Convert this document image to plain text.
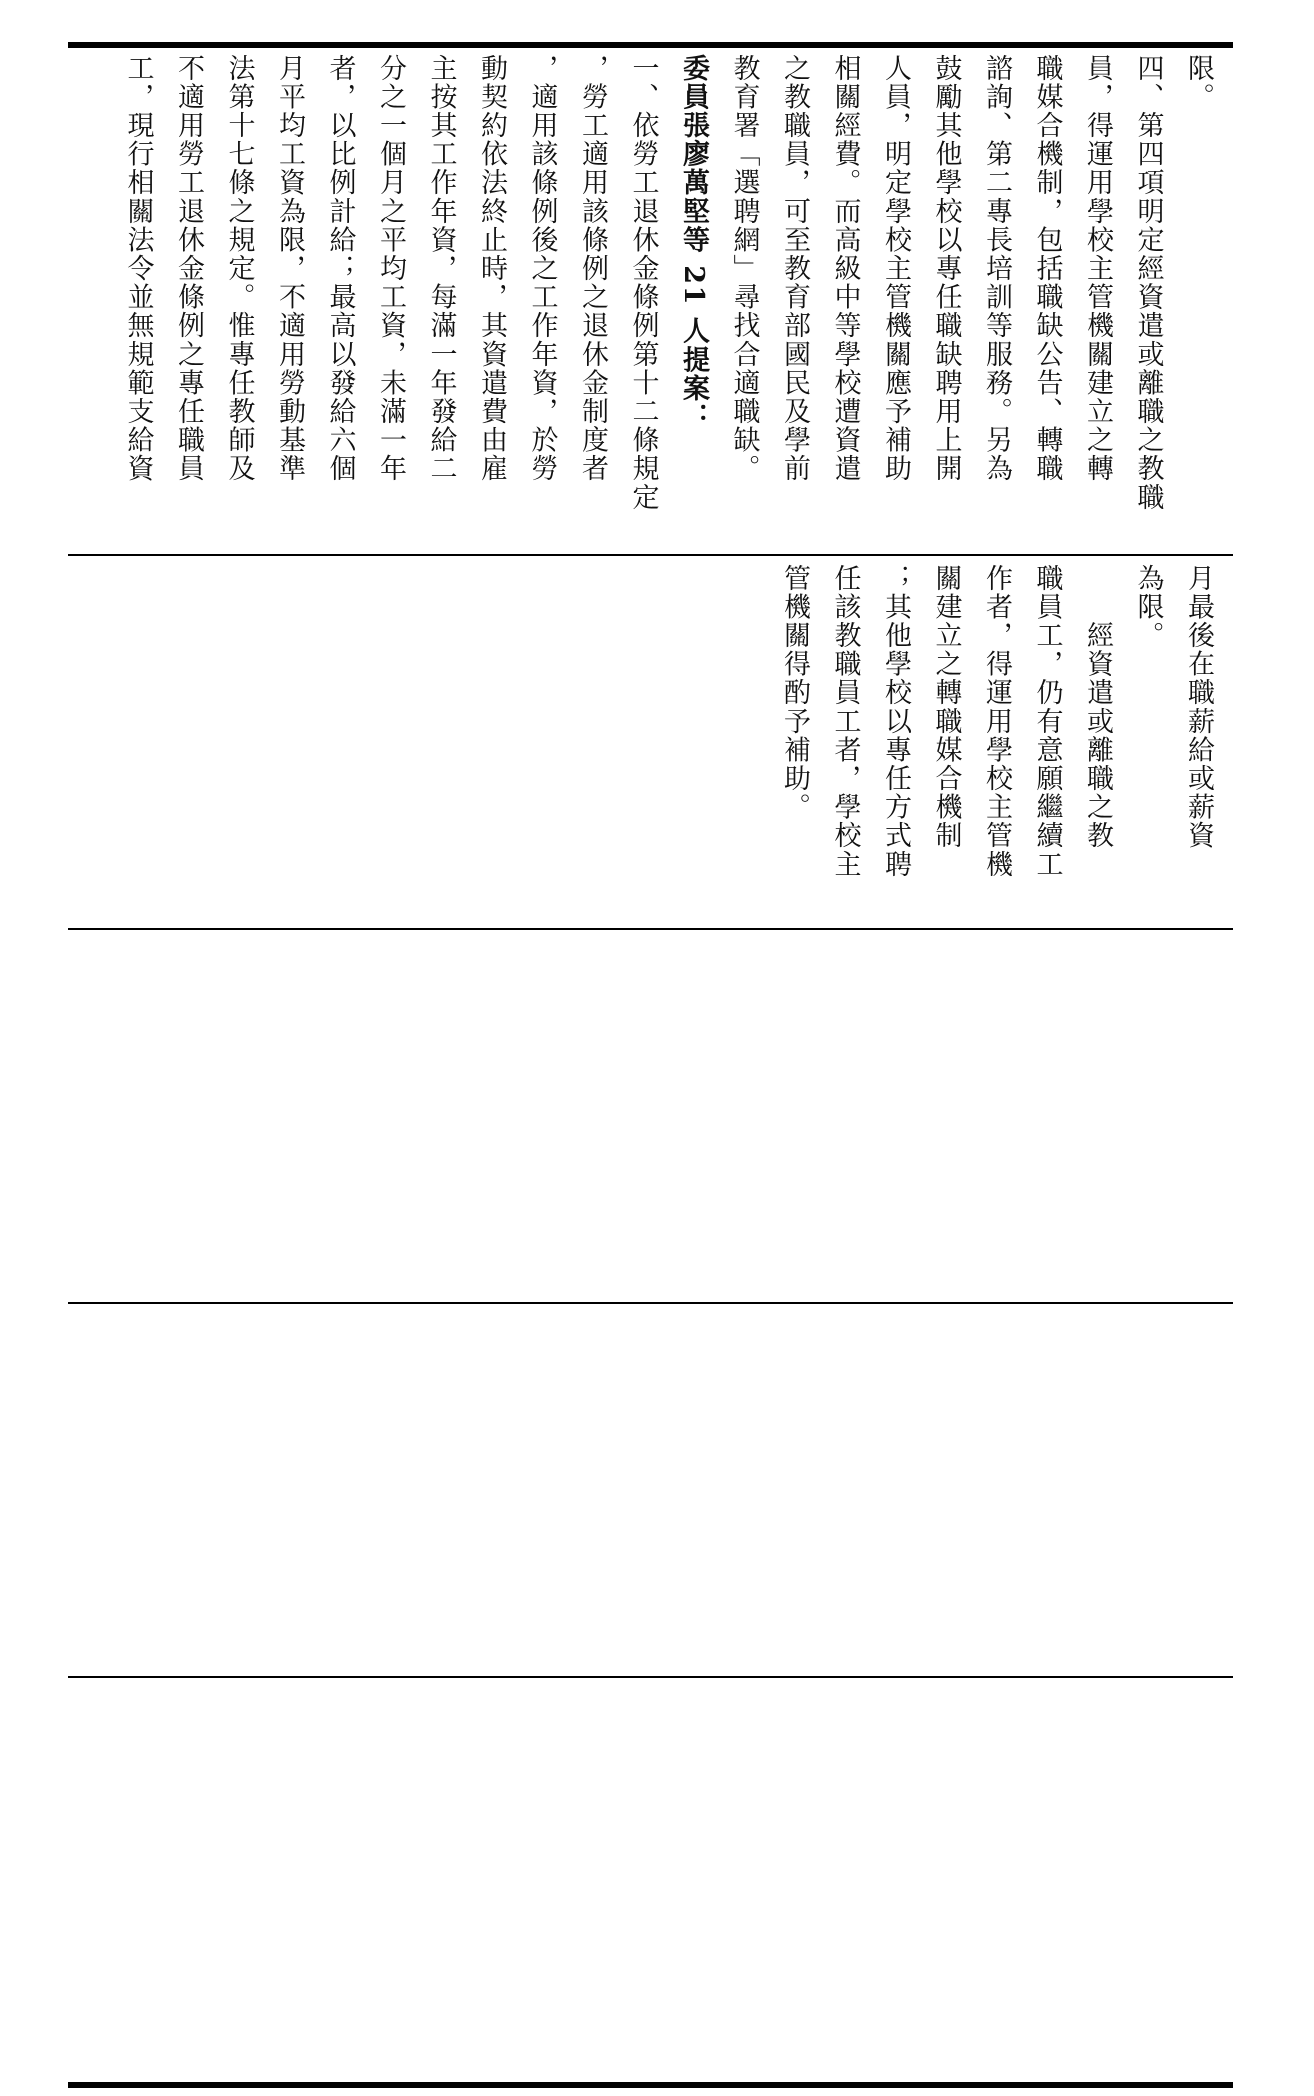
限。
四、第四項明定經資遣或離職之教職
員，得運用學校主管機關建立之轉
職媒合機制，包括職缺公告、轉職
諮詢、第二專長培訓等服務。另為
鼓勵其他學校以專任職缺聘用上開
人員，明定學校主管機關應予補助
相關經費。而高級中等學校遭資遣
之教職員，可至教育部國民及學前
教育署「選聘網」尋找合適職缺。
委員張廖萬堅等 21 人提案：
一、依勞工退休金條例第十二條規定
，勞工適用該條例之退休金制度者
，適用該條例後之工作年資，於勞
動契約依法終止時，其資遣費由雇
主按其工作年資，每滿一年發給二
分之一個月之平均工資，未滿一年
者，以比例計給；最高以發給六個
月平均工資為限，不適用勞動基準
法第十七條之規定。惟專任教師及
不適用勞工退休金條例之專任職員
工，現行相關法令並無規範支給資
月最後在職薪給或薪資
為限。
　　經資遣或離職之教
職員工，仍有意願繼續工
作者，得運用學校主管機
關建立之轉職媒合機制
；其他學校以專任方式聘
任該教職員工者，學校主
管機關得酌予補助。
